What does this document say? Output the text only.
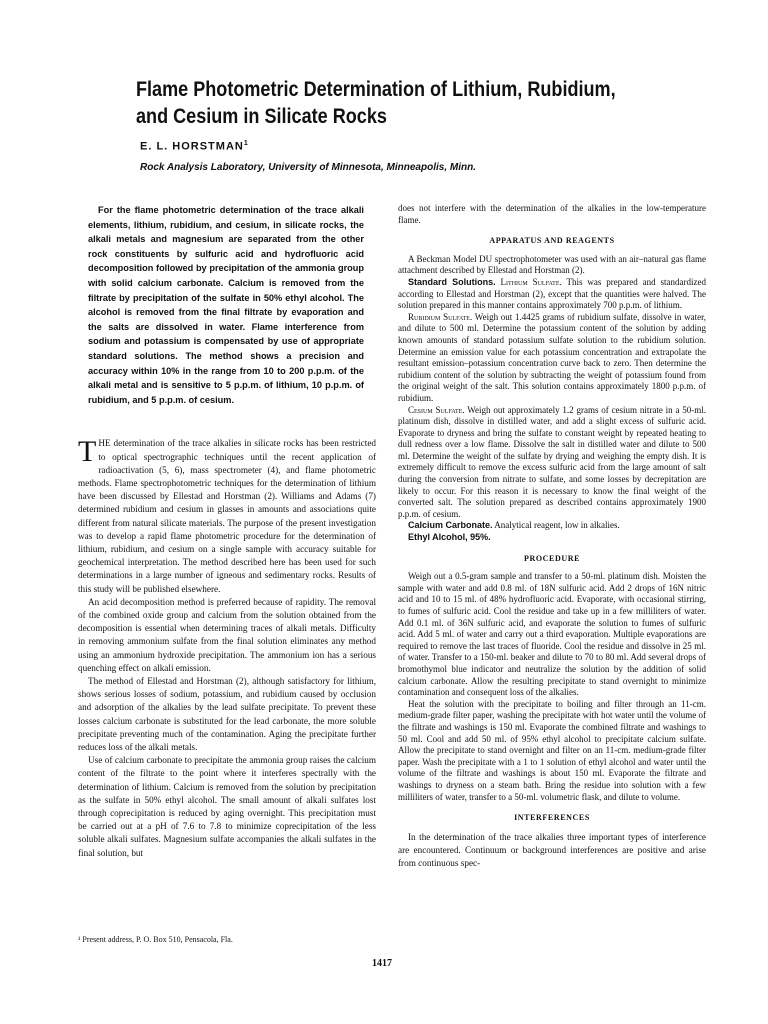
Flame Photometric Determination of Lithium, Rubidium, and Cesium in Silicate Rocks
E. L. HORSTMAN$^1$
Rock Analysis Laboratory, University of Minnesota, Minneapolis, Minn.

For the flame photometric determination of the trace alkali elements, lithium, rubidium, and cesium, in silicate rocks, the alkali metals and magnesium are separated from the other rock constituents by sulfuric acid and hydrofluoric acid decomposition followed by precipitation of the ammonia group with solid calcium carbonate. Calcium is removed from the filtrate by precipitation of the sulfate in 50% ethyl alcohol. The alcohol is removed from the final filtrate by evaporation and the salts are dissolved in water. Flame interference from sodium and potassium is compensated by use of appropriate standard solutions. The method shows a precision and accuracy within 10% in the range from 10 to 200 p.p.m. of the alkali metal and is sensitive to 5 p.p.m. of lithium, 10 p.p.m. of rubidium, and 5 p.p.m. of cesium.

THE determination of the trace alkalies in silicate rocks has been restricted to optical spectrographic techniques until the recent application of radioactivation (5, 6), mass spectrometer (4), and flame photometric methods. Flame spectrophotometric techniques for the determination of lithium have been discussed by Ellestad and Horstman (2). Williams and Adams (7) determined rubidium and cesium in glasses in amounts and associations quite different from natural silicate materials. The purpose of the present investigation was to develop a rapid flame photometric procedure for the determination of lithium, rubidium, and cesium on a single sample with accuracy suitable for geochemical interpretation. The method described here has been used for such determinations in a large number of igneous and sedimentary rocks. Results of this study will be published elsewhere.

An acid decomposition method is preferred because of rapidity. The removal of the combined oxide group and calcium from the solution obtained from the decomposition is essential when determining traces of alkali metals. Difficulty in removing ammonium sulfate from the final solution eliminates any method using an ammonium hydroxide precipitation. The ammonium ion has a serious quenching effect on alkali emission.

The method of Ellestad and Horstman (2), although satisfactory for lithium, shows serious losses of sodium, potassium, and rubidium caused by occlusion and adsorption of the alkalies by the lead sulfate precipitate. To prevent these losses calcium carbonate is substituted for the lead carbonate, the more soluble precipitate preventing much of the contamination. Aging the precipitate further reduces loss of the alkali metals.

Use of calcium carbonate to precipitate the ammonia group raises the calcium content of the filtrate to the point where it interferes spectrally with the determination of lithium. Calcium is removed from the solution by precipitation as the sulfate in 50% ethyl alcohol. The small amount of alkali sulfates lost through coprecipitation is reduced by aging overnight. This precipitation must be carried out at a pH of 7.6 to 7.8 to minimize coprecipitation of the less soluble alkali sulfates. Magnesium sulfate accompanies the alkali sulfates in the final solution, but

¹ Present address, P. O. Box 510, Pensacola, Fla.

does not interfere with the determination of the alkalies in the low-temperature flame.

APPARATUS AND REAGENTS

A Beckman Model DU spectrophotometer was used with an air–natural gas flame attachment described by Ellestad and Horstman (2).

Standard Solutions. Lithium Sulfate. This was prepared and standardized according to Ellestad and Horstman (2), except that the quantities were halved. The solution prepared in this manner contains approximately 700 p.p.m. of lithium.

Rubidium Sulfate. Weigh out 1.4425 grams of rubidium sulfate, dissolve in water, and dilute to 500 ml. Determine the potassium content of the solution by adding known amounts of standard potassium sulfate solution to the rubidium solution. Determine an emission value for each potassium concentration and extrapolate the resultant emission–potassium concentration curve back to zero. Then determine the rubidium content of the solution by subtracting the weight of potassium found from the original weight of the salt. This solution contains approximately 1800 p.p.m. of rubidium.

Cesium Sulfate. Weigh out approximately 1.2 grams of cesium nitrate in a 50-ml. platinum dish, dissolve in distilled water, and add a slight excess of sulfuric acid. Evaporate to dryness and bring the sulfate to constant weight by repeated heating to dull redness over a low flame. Dissolve the salt in distilled water and dilute to 500 ml. Determine the weight of the sulfate by drying and weighing the empty dish. It is extremely difficult to remove the excess sulfuric acid from the large amount of salt during the conversion from nitrate to sulfate, and some losses by decrepitation are likely to occur. For this reason it is necessary to know the final weight of the converted salt. The solution prepared as described contains approximately 1900 p.p.m. of cesium.

Calcium Carbonate. Analytical reagent, low in alkalies.

Ethyl Alcohol, 95%.

PROCEDURE

Weigh out a 0.5-gram sample and transfer to a 50-ml. platinum dish. Moisten the sample with water and add 0.8 ml. of 18N sulfuric acid. Add 2 drops of 16N nitric acid and 10 to 15 ml. of 48% hydrofluoric acid. Evaporate, with occasional stirring, to fumes of sulfuric acid. Cool the residue and take up in a few milliliters of water. Add 0.1 ml. of 36N sulfuric acid, and evaporate the solution to fumes of sulfuric acid. Add 5 ml. of water and carry out a third evaporation. Multiple evaporations are required to remove the last traces of fluoride. Cool the residue and dissolve in 25 ml. of water. Transfer to a 150-ml. beaker and dilute to 70 to 80 ml. Add several drops of bromothymol blue indicator and neutralize the solution by the addition of solid calcium carbonate. Allow the resulting precipitate to stand overnight to minimize contamination and consequent loss of the alkalies.

Heat the solution with the precipitate to boiling and filter through an 11-cm. medium-grade filter paper, washing the precipitate with hot water until the volume of the filtrate and washings is 150 ml. Evaporate the combined filtrate and washings to 50 ml. Cool and add 50 ml. of 95% ethyl alcohol to precipitate calcium sulfate. Allow the precipitate to stand overnight and filter on an 11-cm. medium-grade filter paper. Wash the precipitate with a 1 to 1 solution of ethyl alcohol and water until the volume of the filtrate and washings is about 150 ml. Evaporate the filtrate and washings to dryness on a steam bath. Bring the residue into solution with a few milliliters of water, transfer to a 50-ml. volumetric flask, and dilute to volume.

INTERFERENCES

In the determination of the trace alkalies three important types of interference are encountered. Continuum or background interferences are positive and arise from continuous spec-

1417
